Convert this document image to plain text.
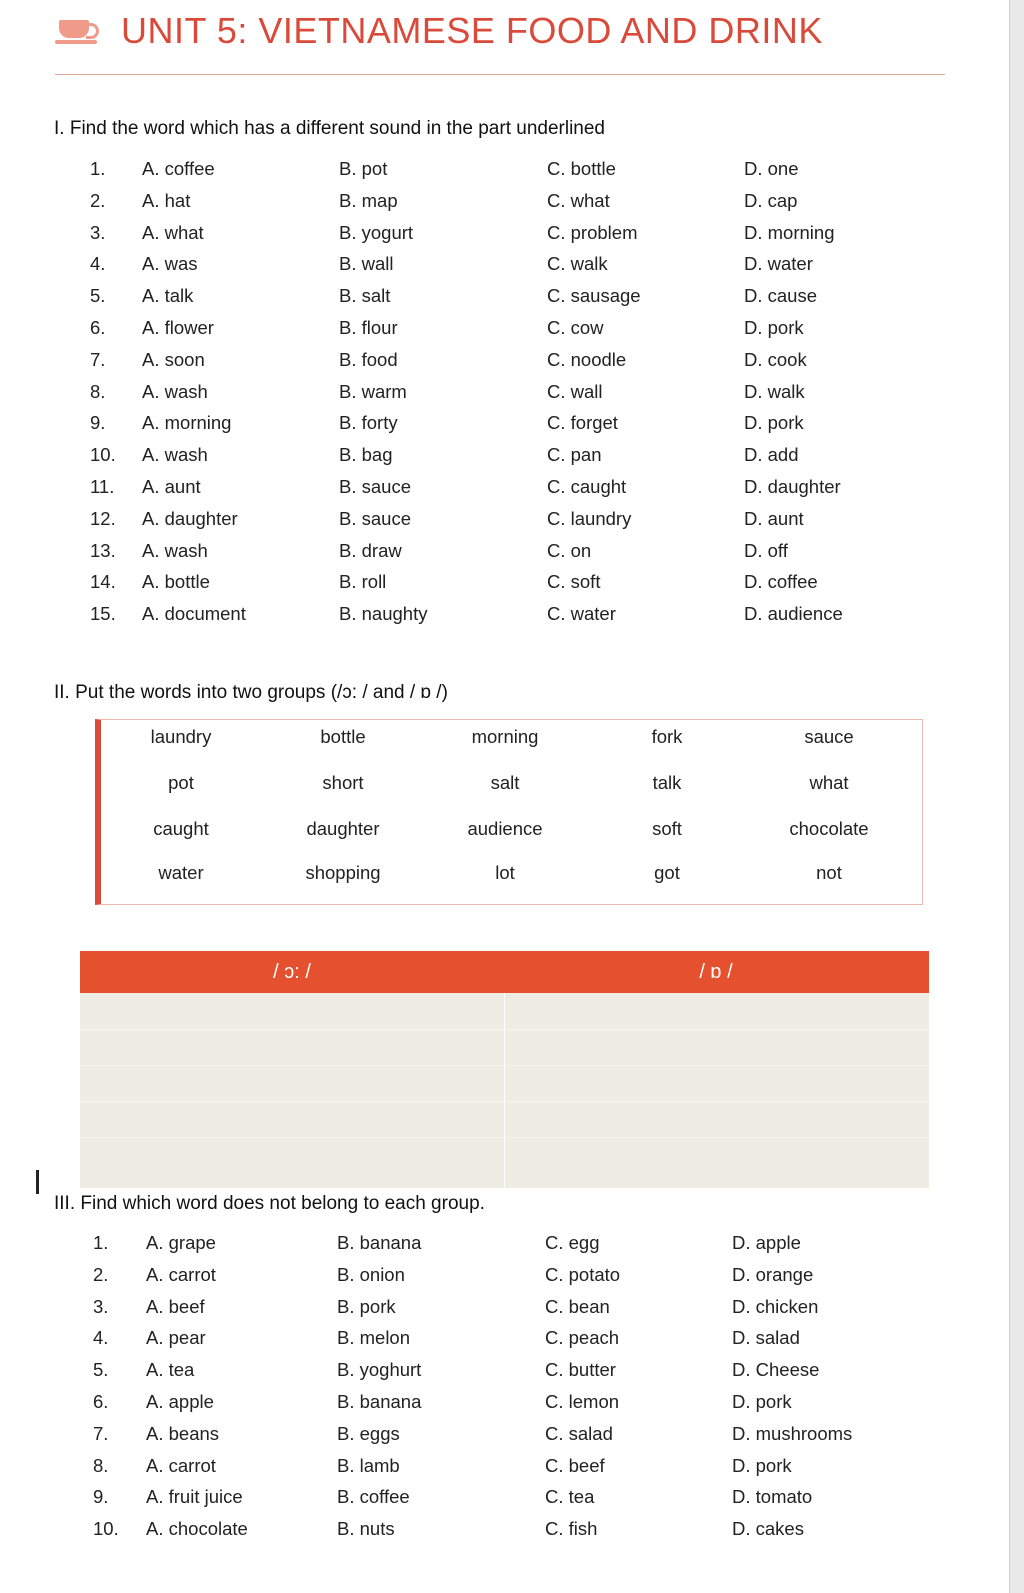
UNIT 5: VIETNAMESE FOOD AND DRINK
I. Find the word which has a different sound in the part underlined
1. A. coffee	B. pot	C. bottle	D. one
2. A. hat	B. map	C. what	D. cap
3. A. what	B. yogurt	C. problem	D. morning
4. A. was	B. wall	C. walk	D. water
5. A. talk	B. salt	C. sausage	D. cause
6. A. flower	B. flour	C. cow	D. pork
7. A. soon	B. food	C. noodle	D. cook
8. A. wash	B. warm	C. wall	D. walk
9. A. morning	B. forty	C. forget	D. pork
10. A. wash	B. bag	C. pan	D. add
11. A. aunt	B. sauce	C. caught	D. daughter
12. A. daughter	B. sauce	C. laundry	D. aunt
13. A. wash	B. draw	C. on	D. off
14. A. bottle	B. roll	C. soft	D. coffee
15. A. document	B. naughty	C. water	D. audience
II. Put the words into two groups (/ɔ: / and / ɒ /)
laundry	bottle	morning	fork	sauce
pot	short	salt	talk	what
caught	daughter	audience	soft	chocolate
water	shopping	lot	got	not
/ ɔ: /	/ ɒ /
III. Find which word does not belong to each group.
1. A. grape	B. banana	C. egg	D. apple
2. A. carrot	B. onion	C. potato	D. orange
3. A. beef	B. pork	C. bean	D. chicken
4. A. pear	B. melon	C. peach	D. salad
5. A. tea	B. yoghurt	C. butter	D. Cheese
6. A. apple	B. banana	C. lemon	D. pork
7. A. beans	B. eggs	C. salad	D. mushrooms
8. A. carrot	B. lamb	C. beef	D. pork
9. A. fruit juice	B. coffee	C. tea	D. tomato
10. A. chocolate	B. nuts	C. fish	D. cakes
